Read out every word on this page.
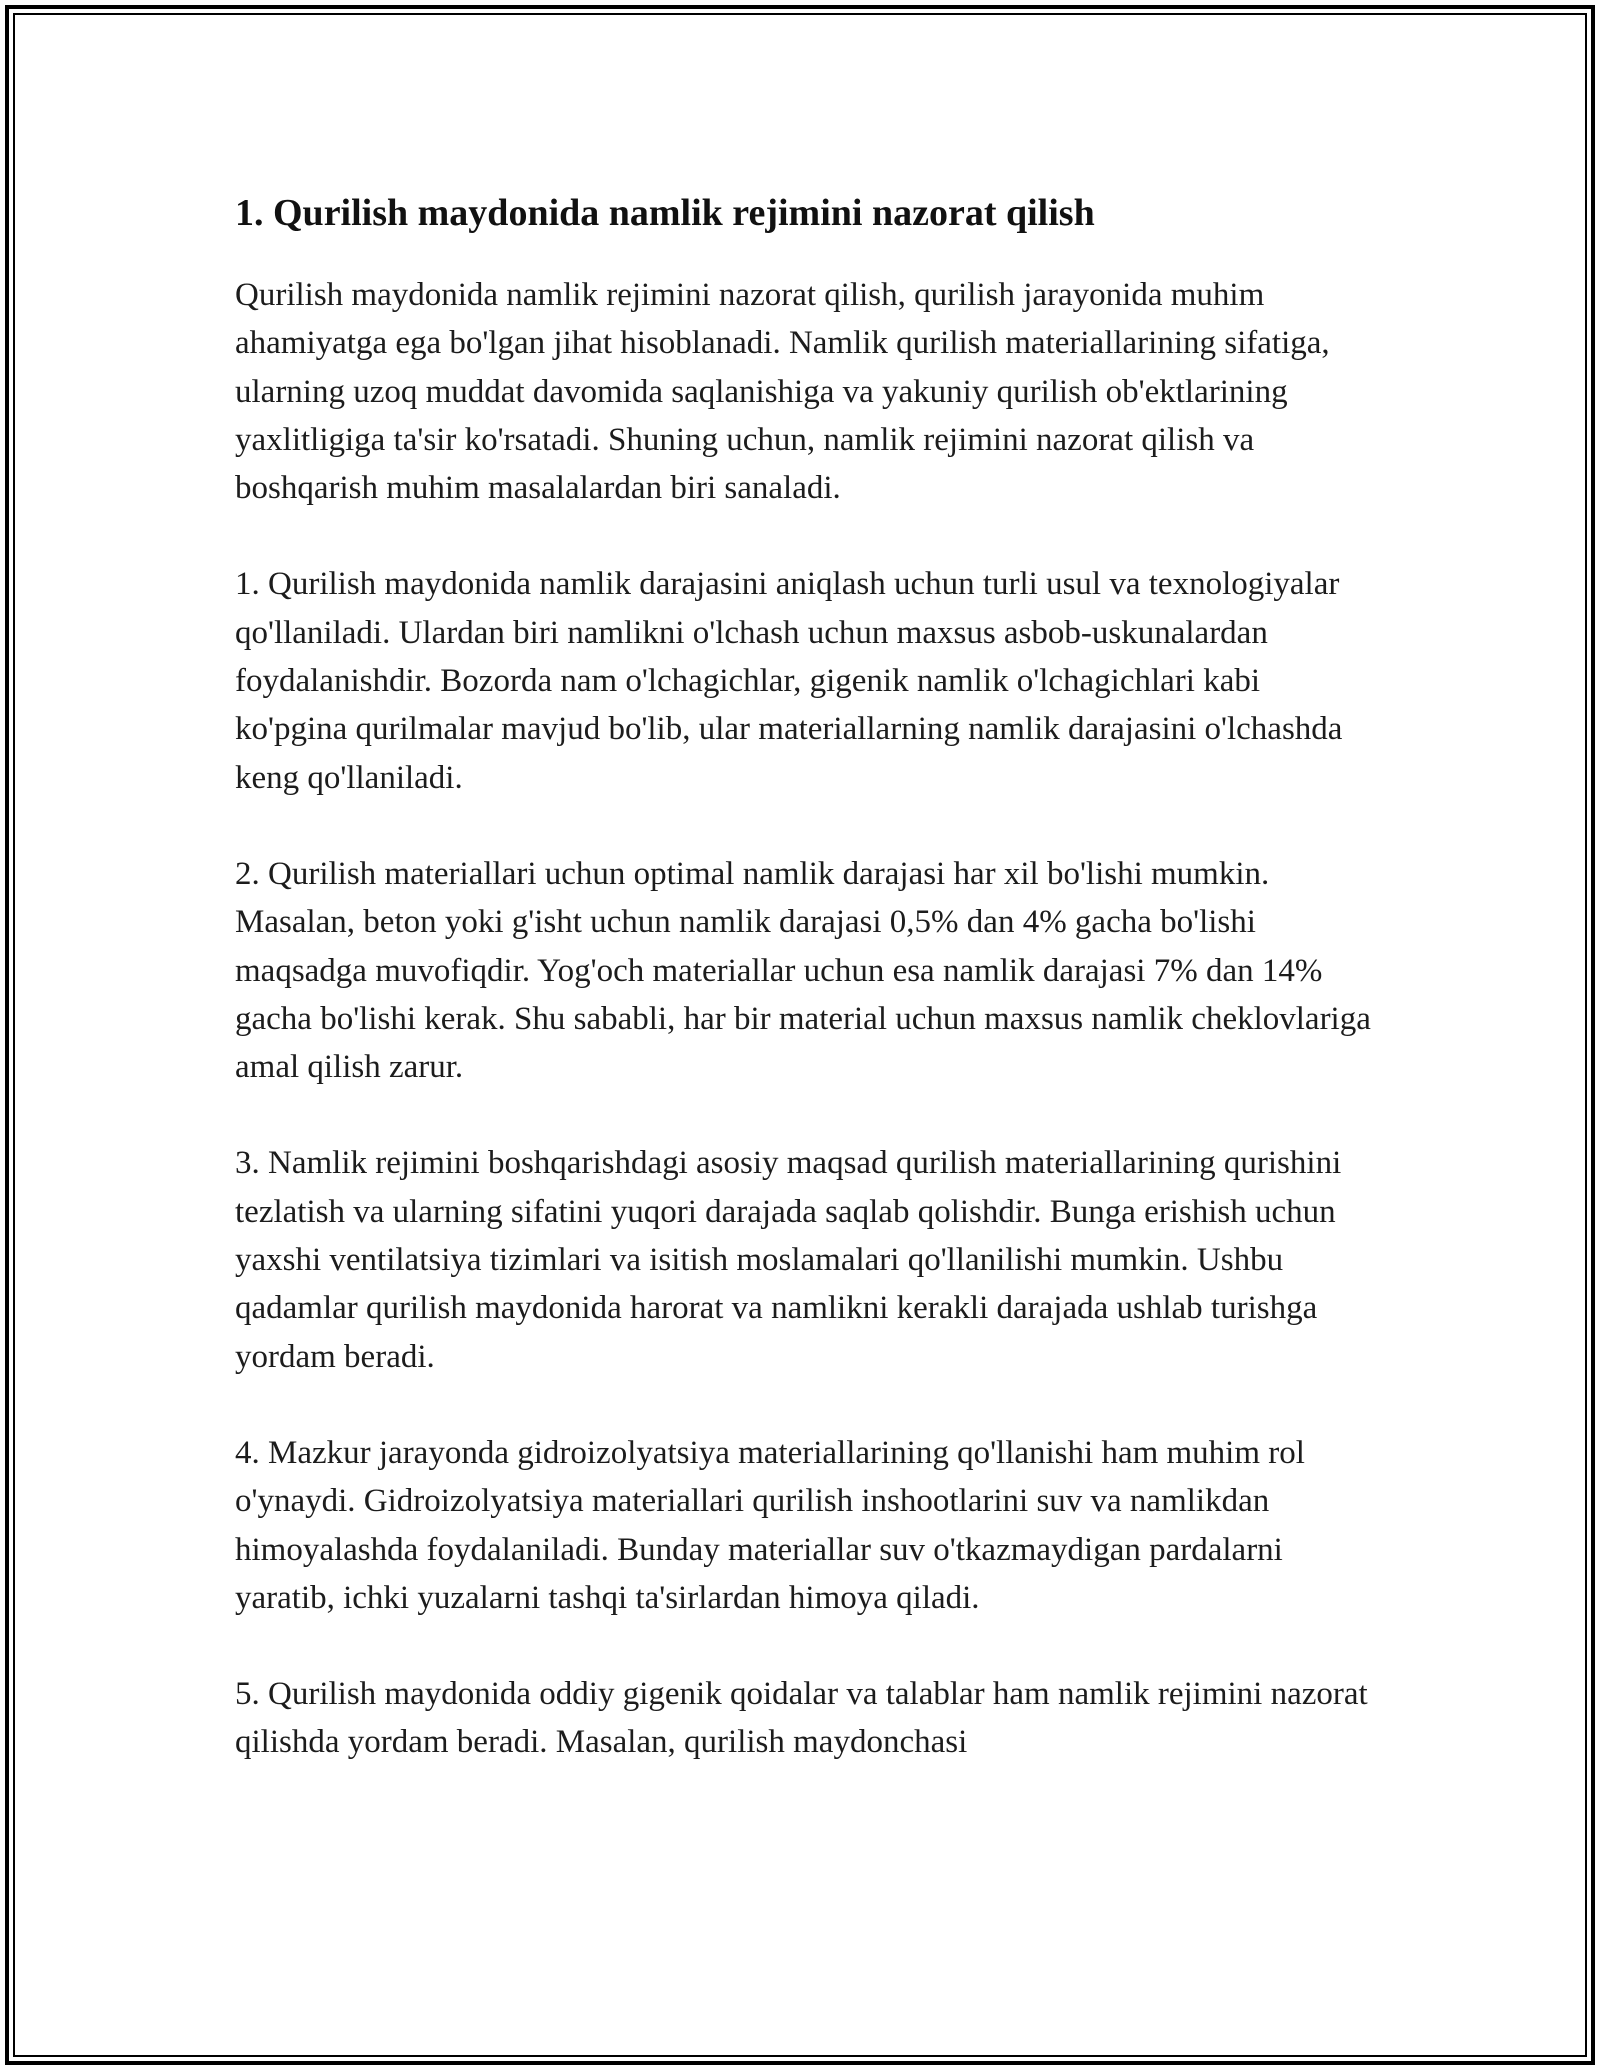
1. Qurilish maydonida namlik rejimini nazorat qilish

Qurilish maydonida namlik rejimini nazorat qilish, qurilish jarayonida muhim ahamiyatga ega bo'lgan jihat hisoblanadi. Namlik qurilish materiallarining sifatiga, ularning uzoq muddat davomida saqlanishiga va yakuniy qurilish ob'ektlarining yaxlitligiga ta'sir ko'rsatadi. Shuning uchun, namlik rejimini nazorat qilish va boshqarish muhim masalalardan biri sanaladi.

1. Qurilish maydonida namlik darajasini aniqlash uchun turli usul va texnologiyalar qo'llaniladi. Ulardan biri namlikni o'lchash uchun maxsus asbob-uskunalardan foydalanishdir. Bozorda nam o'lchagichlar, gigenik namlik o'lchagichlari kabi ko'pgina qurilmalar mavjud bo'lib, ular materiallarning namlik darajasini o'lchashda keng qo'llaniladi.

2. Qurilish materiallari uchun optimal namlik darajasi har xil bo'lishi mumkin. Masalan, beton yoki g'isht uchun namlik darajasi 0,5% dan 4% gacha bo'lishi maqsadga muvofiqdir. Yog'och materiallar uchun esa namlik darajasi 7% dan 14% gacha bo'lishi kerak. Shu sababli, har bir material uchun maxsus namlik cheklovlariga amal qilish zarur.

3. Namlik rejimini boshqarishdagi asosiy maqsad qurilish materiallarining qurishini tezlatish va ularning sifatini yuqori darajada saqlab qolishdir. Bunga erishish uchun yaxshi ventilatsiya tizimlari va isitish moslamalari qo'llanilishi mumkin. Ushbu qadamlar qurilish maydonida harorat va namlikni kerakli darajada ushlab turishga yordam beradi.

4. Mazkur jarayonda gidroizolyatsiya materiallarining qo'llanishi ham muhim rol o'ynaydi. Gidroizolyatsiya materiallari qurilish inshootlarini suv va namlikdan himoyalashda foydalaniladi. Bunday materiallar suv o'tkazmaydigan pardalarni yaratib, ichki yuzalarni tashqi ta'sirlardan himoya qiladi.

5. Qurilish maydonida oddiy gigenik qoidalar va talablar ham namlik rejimini nazorat qilishda yordam beradi. Masalan, qurilish maydonchasi
